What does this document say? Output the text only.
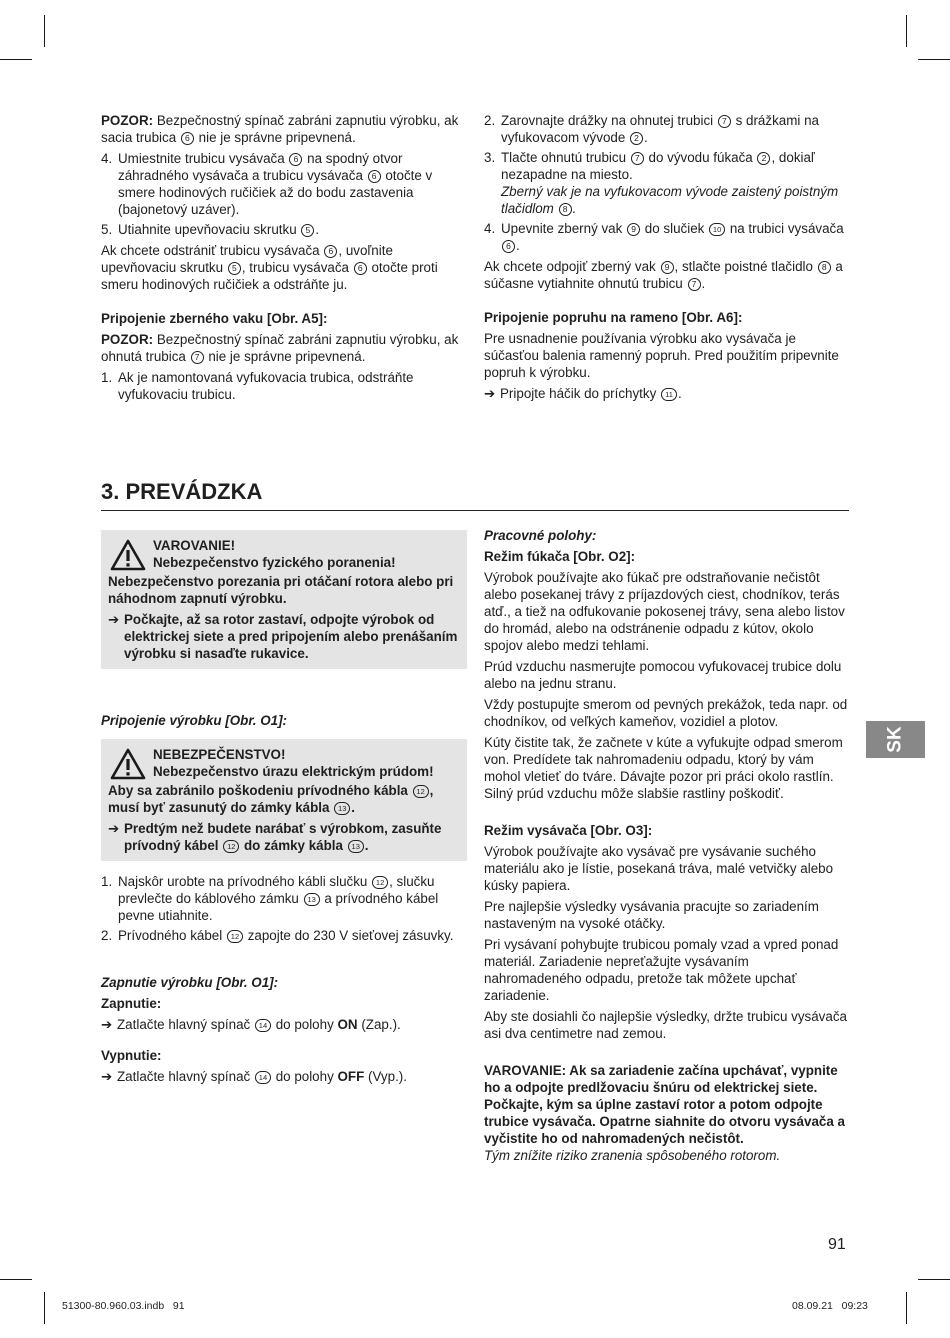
POZOR: Bezpečnostný spínač zabráni zapnutiu výrobku, ak sacia trubica 6 nie je správne pripevnená.

4. Umiestnite trubicu vysávača 6 na spodný otvor záhradného vysávača a trubicu vysávača 6 otočte v smere hodinových ručičiek až do bodu zastavenia (bajonetový uzáver).
5. Utiahnite upevňovaciu skrutku 5 .

Ak chcete odstrániť trubicu vysávača 6 , uvoľnite upevňovaciu skrutku 5 , trubicu vysávača 6 otočte proti smeru hodinových ručičiek a odstráňte ju.

Pripojenie zberného vaku [Obr. A5]:

POZOR: Bezpečnostný spínač zabráni zapnutiu výrobku, ak ohnutá trubica 7 nie je správne pripevnená.

1. Ak je namontovaná vyfukovacia trubica, odstráňte vyfukovaciu trubicu.
2. Zarovnajte drážky na ohnutej trubici 7 s drážkami na vyfukovacom vývode 2 .
3. Tlačte ohnutú trubicu 7 do vývodu fúkača 2 , dokiaľ nezapadne na miesto.
Zberný vak je na vyfukovacom vývode zaistený poistným tlačidlom 8 .
4. Upevnite zberný vak 9 do slučiek 10 na trubici vysávača 6 .

Ak chcete odpojiť zberný vak 9 , stlačte poistné tlačidlo 8 a súčasne vytiahnite ohnutú trubicu 7 .

Pripojenie popruhu na rameno [Obr. A6]:

Pre usnadnenie používania výrobku ako vysávača je súčasťou balenia ramenný popruh. Pred použitím pripevnite popruh k výrobku.

➔ Pripojte háčik do príchytky 11 .

3. PREVÁDZKA
VAROVANIE!
Nebezpečenstvo fyzického poranenia!

Nebezpečenstvo porezania pri otáčaní rotora alebo pri náhodnom zapnutí výrobku.

➔ Počkajte, až sa rotor zastaví, odpojte výrobok od elektrickej siete a pred pripojením alebo prenášaním výrobku si nasaďte rukavice.

Pripojenie výrobku [Obr. O1]:
NEBEZPEČENSTVO!
Nebezpečenstvo úrazu elektrickým prúdom!

Aby sa zabránilo poškodeniu prívodného kábla 12 , musí byť zasunutý do zámky kábla 13 .

➔ Predtým než budete narábať s výrobkom, zasuňte prívodný kábel 12 do zámky kábla 13 .

1. Najskôr urobte na prívodného kábli slučku 12 , slučku prevlečte do káblového zámku 13 a prívodného kábel pevne utiahnite.
2. Prívodného kábel 12 zapojte do 230 V sieťovej zásuvky.
Zapnutie výrobku [Obr. O1]:
Zapnutie:

➔ Zatlačte hlavný spínač 14 do polohy ON (Zap.).

Vypnutie:

➔ Zatlačte hlavný spínač 14 do polohy OFF (Vyp.).

Pracovné polohy:
Režim fúkača [Obr. O2]:

Výrobok používajte ako fúkač pre odstraňovanie nečistôt alebo posekanej trávy z príjazdových ciest, chodníkov, terás atď., a tiež na odfukovanie pokosenej trávy, sena alebo listov do hromád, alebo na odstránenie odpadu z kútov, okolo spojov alebo medzi tehlami.

Prúd vzduchu nasmerujte pomocou vyfukovacej trubice dolu alebo na jednu stranu.

Vždy postupujte smerom od pevných prekážok, teda napr. od chodníkov, od veľkých kameňov, vozidiel a plotov.

Kúty čistite tak, že začnete v kúte a vyfukujte odpad smerom von. Predídete tak nahromadeniu odpadu, ktorý by vám mohol vletieť do tváre. Dávajte pozor pri práci okolo rastlín. Silný prúd vzduchu môže slabšie rastliny poškodiť.

Režim vysávača [Obr. O3]:

Výrobok používajte ako vysávač pre vysávanie suchého materiálu ako je lístie, posekaná tráva, malé vetvičky alebo kúsky papiera.

Pre najlepšie výsledky vysávania pracujte so zariadením nastaveným na vysoké otáčky.

Pri vysávaní pohybujte trubicou pomaly vzad a vpred ponad materiál. Zariadenie nepreťažujte vysávaním nahromadeného odpadu, pretože tak môžete upchať zariadenie.

Aby ste dosiahli čo najlepšie výsledky, držte trubicu vysávača asi dva centimetre nad zemou.

VAROVANIE: Ak sa zariadenie začína upchávať, vypnite ho a odpojte predlžovaciu šnúru od elektrickej siete. Počkajte, kým sa úplne zastaví rotor a potom odpojte trubice vysávača. Opatrne siahnite do otvoru vysávača a vyčistite ho od nahromadených nečistôt.

Tým znížite riziko zranenia spôsobeného rotorom.

SK
91
51300-80.960.03.indb   91	08.09.21   09:23
